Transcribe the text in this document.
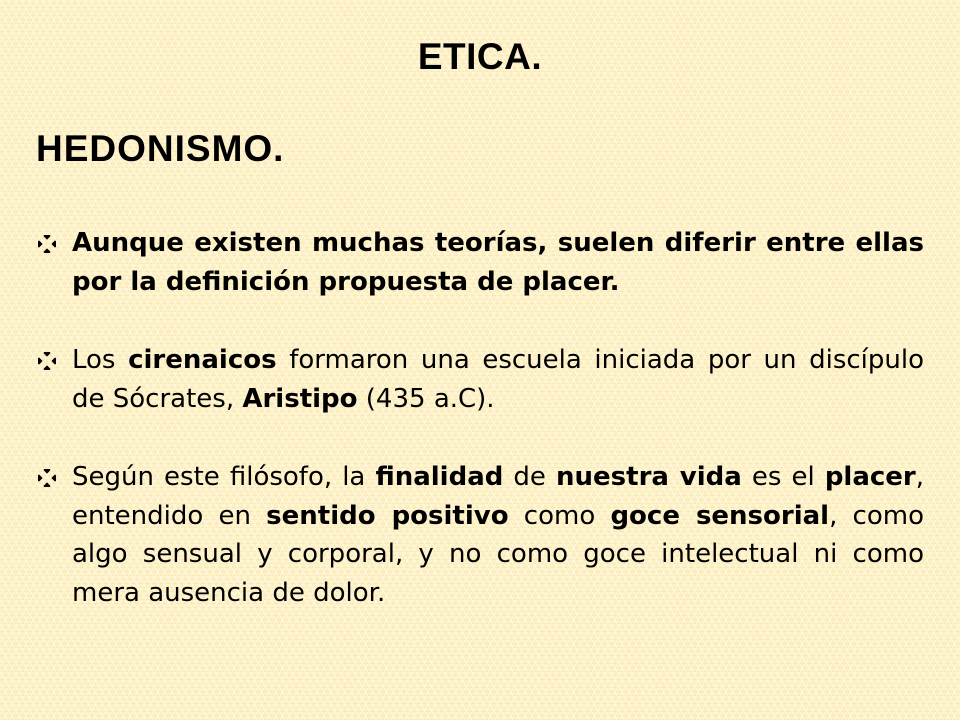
ETICA.
HEDONISMO.
Aunque existen muchas teorías, suelen diferir entre ellas por la definición propuesta de placer.
Los cirenaicos formaron una escuela iniciada por un discípulo de Sócrates, Aristipo (435 a.C).
Según este filósofo, la finalidad de nuestra vida es el placer, entendido en sentido positivo como goce sensorial, como algo sensual y corporal, y no como goce intelectual ni como mera ausencia de dolor.
